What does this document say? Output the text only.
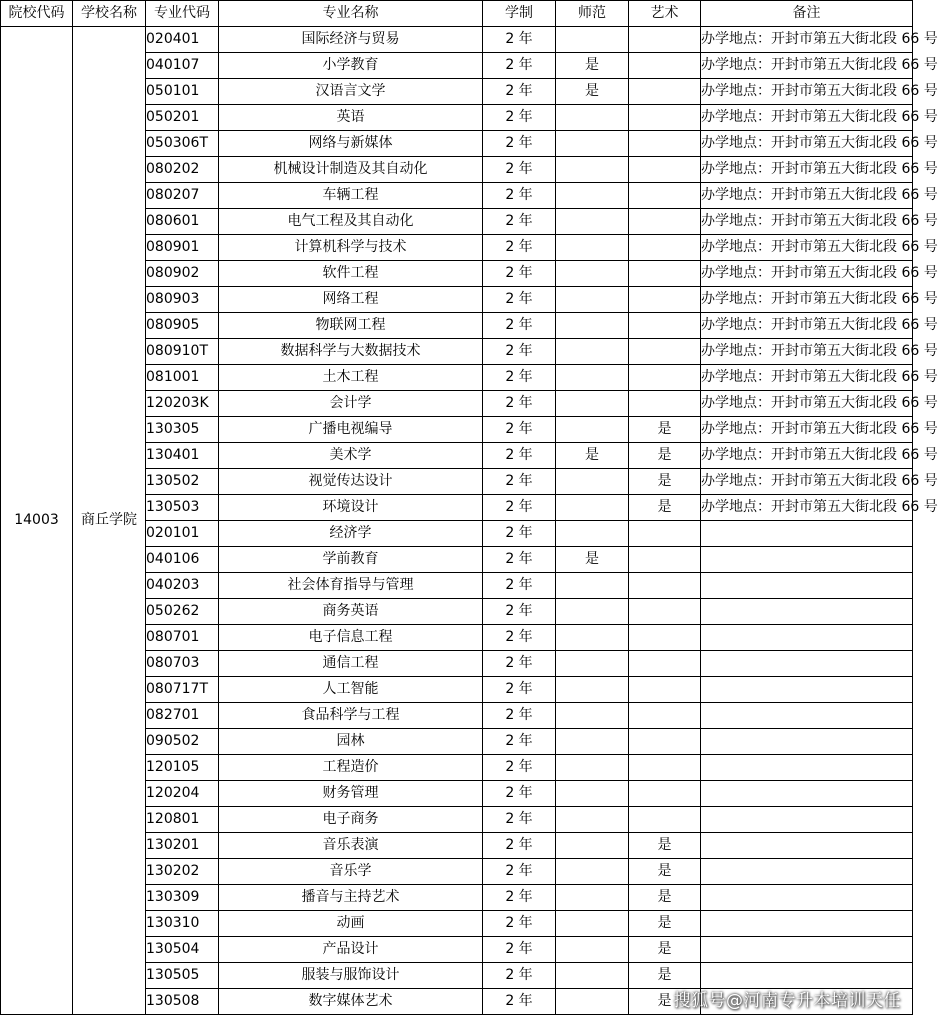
院校代码	学校名称	专业代码	专业名称	学制	师范	艺术	备注
14003	商丘学院	020401	国际经济与贸易	2 年			办学地点：开封市第五大街北段 66 号
		040107	小学教育	2 年	是		办学地点：开封市第五大街北段 66 号
		050101	汉语言文学	2 年	是		办学地点：开封市第五大街北段 66 号
		050201	英语	2 年			办学地点：开封市第五大街北段 66 号
		050306T	网络与新媒体	2 年			办学地点：开封市第五大街北段 66 号
		080202	机械设计制造及其自动化	2 年			办学地点：开封市第五大街北段 66 号
		080207	车辆工程	2 年			办学地点：开封市第五大街北段 66 号
		080601	电气工程及其自动化	2 年			办学地点：开封市第五大街北段 66 号
		080901	计算机科学与技术	2 年			办学地点：开封市第五大街北段 66 号
		080902	软件工程	2 年			办学地点：开封市第五大街北段 66 号
		080903	网络工程	2 年			办学地点：开封市第五大街北段 66 号
		080905	物联网工程	2 年			办学地点：开封市第五大街北段 66 号
		080910T	数据科学与大数据技术	2 年			办学地点：开封市第五大街北段 66 号
		081001	土木工程	2 年			办学地点：开封市第五大街北段 66 号
		120203K	会计学	2 年			办学地点：开封市第五大街北段 66 号
		130305	广播电视编导	2 年		是	办学地点：开封市第五大街北段 66 号
		130401	美术学	2 年	是	是	办学地点：开封市第五大街北段 66 号
		130502	视觉传达设计	2 年		是	办学地点：开封市第五大街北段 66 号
		130503	环境设计	2 年		是	办学地点：开封市第五大街北段 66 号
		020101	经济学	2 年			
		040106	学前教育	2 年	是		
		040203	社会体育指导与管理	2 年			
		050262	商务英语	2 年			
		080701	电子信息工程	2 年			
		080703	通信工程	2 年			
		080717T	人工智能	2 年			
		082701	食品科学与工程	2 年			
		090502	园林	2 年			
		120105	工程造价	2 年			
		120204	财务管理	2 年			
		120801	电子商务	2 年			
		130201	音乐表演	2 年		是	
		130202	音乐学	2 年		是	
		130309	播音与主持艺术	2 年		是	
		130310	动画	2 年		是	
		130504	产品设计	2 年		是	
		130505	服装与服饰设计	2 年		是	
		130508	数字媒体艺术	2 年		是	搜狐号@河南专升本培训天任
